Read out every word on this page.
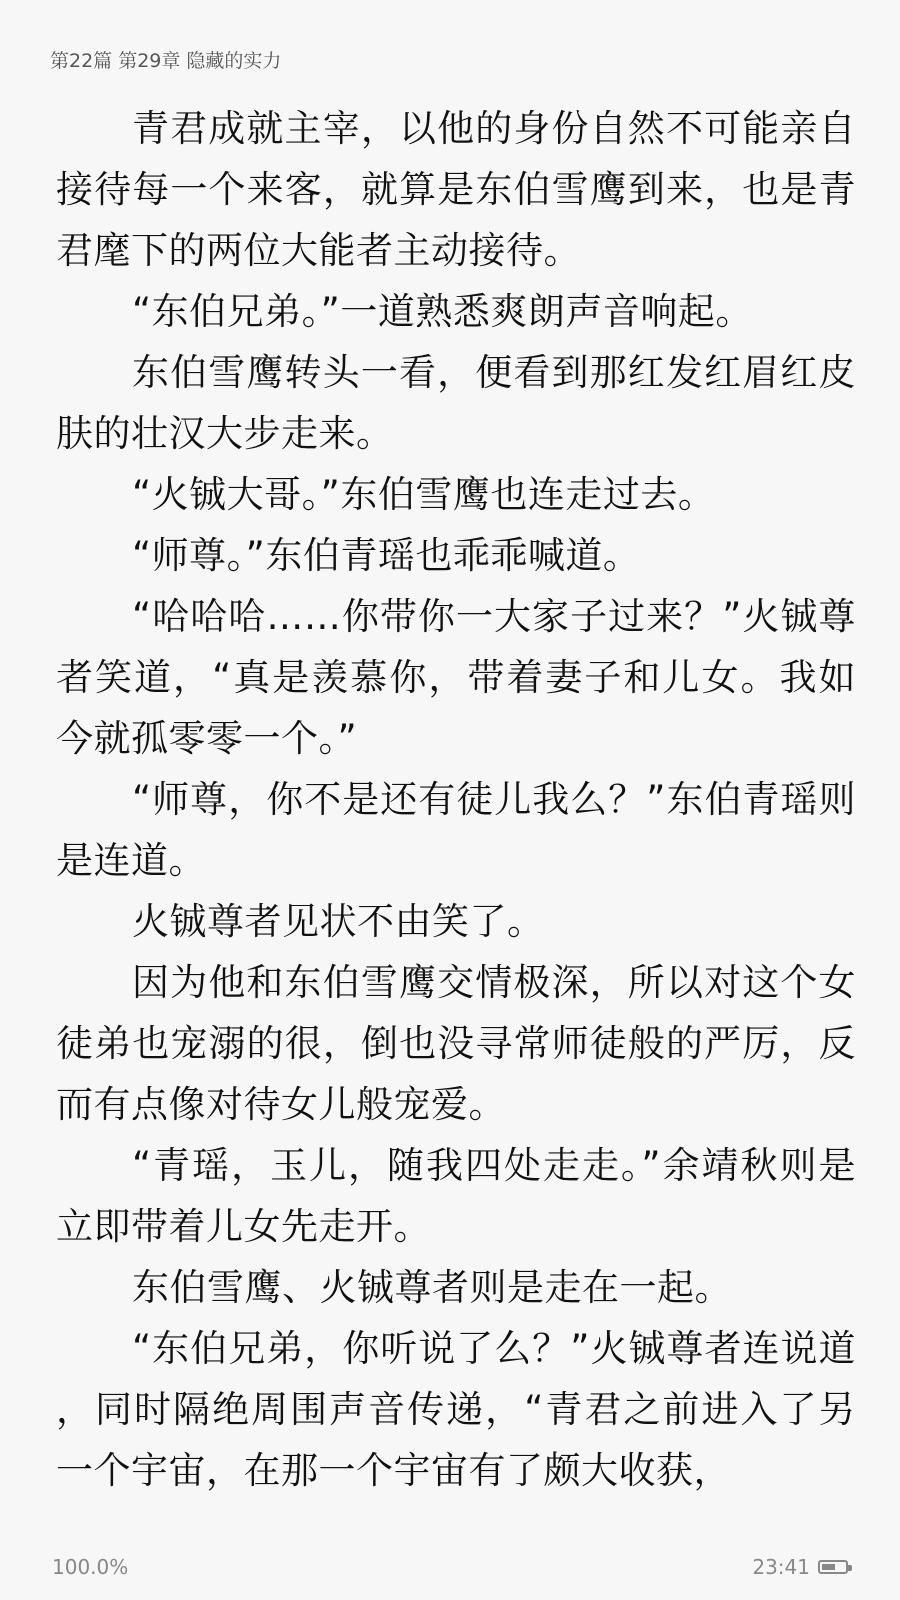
第22篇 第29章 隐藏的实力

青君成就主宰，以他的身份自然不可能亲自接待每一个来客，就算是东伯雪鹰到来，也是青君麾下的两位大能者主动接待。

“东伯兄弟。”一道熟悉爽朗声音响起。

东伯雪鹰转头一看，便看到那红发红眉红皮肤的壮汉大步走来。

“火铖大哥。”东伯雪鹰也连走过去。

“师尊。”东伯青瑶也乖乖喊道。

“哈哈哈……你带你一大家子过来？”火铖尊者笑道，“真是羡慕你，带着妻子和儿女。我如今就孤零零一个。”

“师尊，你不是还有徒儿我么？”东伯青瑶则是连道。

火铖尊者见状不由笑了。

因为他和东伯雪鹰交情极深，所以对这个女徒弟也宠溺的很，倒也没寻常师徒般的严厉，反而有点像对待女儿般宠爱。

“青瑶，玉儿，随我四处走走。”余靖秋则是立即带着儿女先走开。

东伯雪鹰、火铖尊者则是走在一起。

“东伯兄弟，你听说了么？”火铖尊者连说道，同时隔绝周围声音传递，“青君之前进入了另一个宇宙，在那一个宇宙有了颇大收获，

100.0%	23:41
